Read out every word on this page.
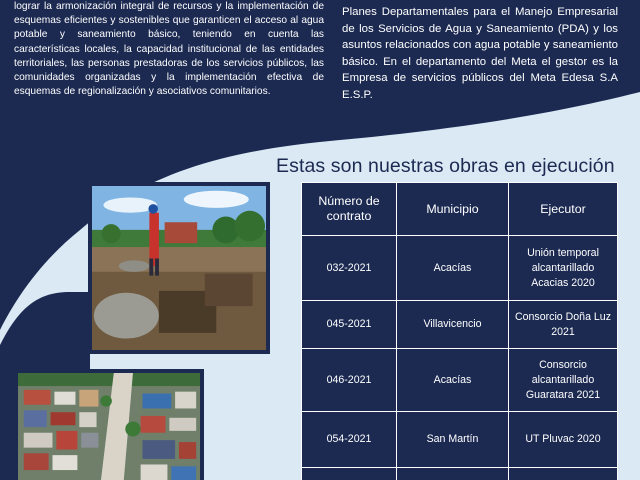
lograr la armonización integral de recursos y la implementación de esquemas eficientes y sostenibles que garanticen el acceso al agua potable y saneamiento básico, teniendo en cuenta las características locales, la capacidad institucional de las entidades territoriales, las personas prestadoras de los servicios públicos, las comunidades organizadas y la implementación efectiva de esquemas de regionalización y asociativos comunitarios.
Planes Departamentales para el Manejo Empresarial de los Servicios de Agua y Saneamiento (PDA) y los asuntos relacionados con agua potable y saneamiento básico. En el departamento del Meta el gestor es la Empresa de servicios públicos del Meta Edesa S.A E.S.P.
Estas son nuestras obras en ejecución
Número de contrato	Municipio	Ejecutor
032-2021	Acacías	Unión temporal alcantarillado Acacias 2020
045-2021	Villavicencio	Consorcio Doña Luz 2021
046-2021	Acacías	Consorcio alcantarillado Guaratara 2021
054-2021	San Martín	UT Pluvac 2020
